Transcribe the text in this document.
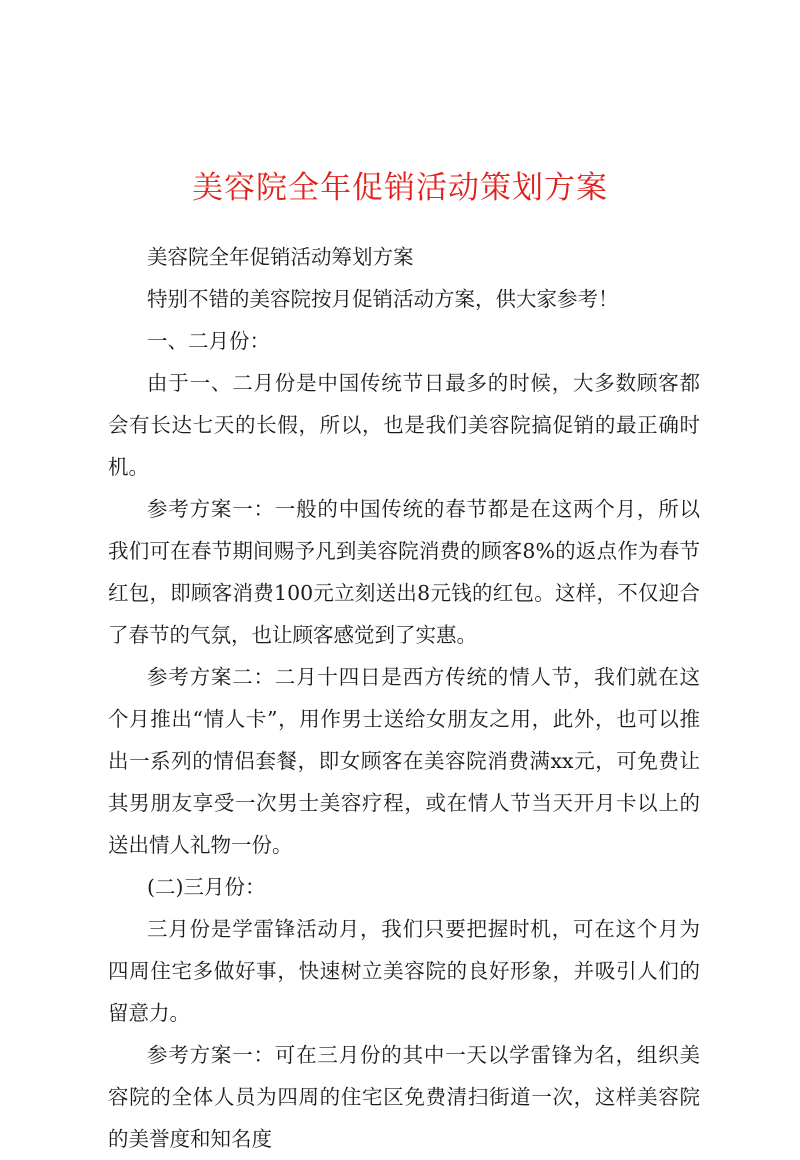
美容院全年促销活动策划方案

美容院全年促销活动筹划方案

特别不错的美容院按月促销活动方案，供大家参考！

一、二月份：

由于一、二月份是中国传统节日最多的时候，大多数顾客都会有长达七天的长假，所以，也是我们美容院搞促销的最正确时机。

参考方案一：一般的中国传统的春节都是在这两个月，所以我们可在春节期间赐予凡到美容院消费的顾客8%的返点作为春节红包，即顾客消费100元立刻送出8元钱的红包。这样，不仅迎合了春节的气氛，也让顾客感觉到了实惠。

参考方案二：二月十四日是西方传统的情人节，我们就在这个月推出“情人卡”，用作男士送给女朋友之用，此外，也可以推出一系列的情侣套餐，即女顾客在美容院消费满xx元，可免费让其男朋友享受一次男士美容疗程，或在情人节当天开月卡以上的送出情人礼物一份。

(二)三月份：

三月份是学雷锋活动月，我们只要把握时机，可在这个月为四周住宅多做好事，快速树立美容院的良好形象，并吸引人们的留意力。

参考方案一：可在三月份的其中一天以学雷锋为名，组织美容院的全体人员为四周的住宅区免费清扫街道一次，这样美容院的美誉度和知名度
